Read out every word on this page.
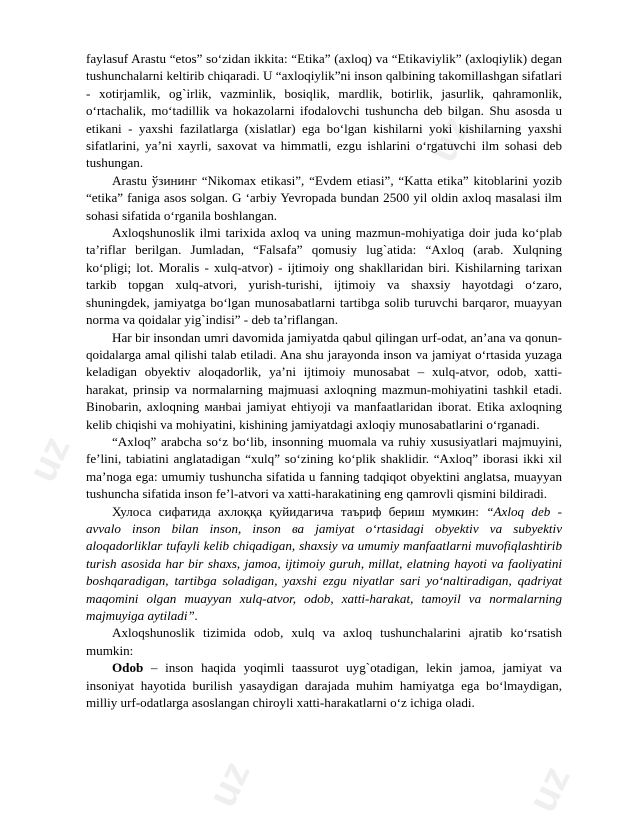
uz
uz
uz	uz

faylasuf Arastu “etos” so‘zidan ikkita: “Etika” (axloq) va “Etikaviylik” (axloqiylik) degan tushunchalarni keltirib chiqaradi. U “axloqiylik”ni inson qalbining takomillashgan sifatlari - xotirjamlik, og`irlik, vazminlik, bosiqlik, mardlik, botirlik, jasurlik, qahramonlik, o‘rtachalik, mo‘tadillik va hokazolarni ifodalovchi tushuncha deb bilgan. Shu asosda u etikani - yaxshi fazilatlarga (xislatlar) ega bo‘lgan kishilarni yoki kishilarning yaxshi sifatlarini, ya’ni xayrli, saxovat va himmatli, ezgu ishlarini o‘rgatuvchi ilm sohasi deb tushungan.

Arastu ўзининг “Nikomax etikasi”, “Evdem etiasi”, “Katta etika” kitoblarini yozib “etika” faniga asos solgan. G ‘arbiy Yevropada bundan 2500 yil oldin axloq masalasi ilm sohasi sifatida o‘rganila boshlangan.

Axloqshunoslik ilmi tarixida axloq va uning mazmun-mohiyatiga doir juda ko‘plab ta’riflar berilgan. Jumladan, “Falsafa” qomusiy lug`atida: “Axloq (arab. Xulqning ko‘pligi; lot. Moralis - xulq-atvor) - ijtimoiy ong shakllaridan biri. Kishilarning tarixan tarkib topgan xulq-atvori, yurish-turishi, ijtimoiy va shaxsiy hayotdagi o‘zaro, shuningdek, jamiyatga bo‘lgan munosabatlarni tartibga solib turuvchi barqaror, muayyan norma va qoidalar yig`indisi” - deb ta’riflangan.

Har bir insondan umri davomida jamiyatda qabul qilingan urf-odat, an’ana va qonun-qoidalarga amal qilishi talab etiladi. Ana shu jarayonda inson va jamiyat o‘rtasida yuzaga keladigan obyektiv aloqadorlik, ya’ni ijtimoiy munosabat – xulq-atvor, odob, xatti-harakat, prinsip va normalarning majmuasi axloqning mazmun-mohiyatini tashkil etadi. Binobarin, axloqning манbai jamiyat ehtiyoji va manfaatlaridan iborat. Etika axloqning kelib chiqishi va mohiyatini, kishining jamiyatdagi axloqiy munosabatlarini o‘rganadi.

“Axloq” arabcha so‘z bo‘lib, insonning muomala va ruhiy xususiyatlari majmuyini, fe’lini, tabiatini anglatadigan “xulq” so‘zining ko‘plik shaklidir. “Axloq” iborasi ikki xil ma’noga ega: umumiy tushuncha sifatida u fanning tadqiqot obyektini anglatsa, muayyan tushuncha sifatida inson fe’l-atvori va xatti-harakatining eng qamrovli qismini bildiradi.

Хулоса сифатида ахлоққа қуйидагича таъриф бериш мумкин: “Axloq deb - avvalo inson bilan inson, inson ва jamiyat o‘rtasidagi obyektiv va subyektiv aloqadorliklar tufayli kelib chiqadigan, shaxsiy va umumiy manfaatlarni muvofiqlashtirib turish asosida har bir shaxs, jamoa, ijtimoiy guruh, millat, elatning hayoti va faoliyatini boshqaradigan, tartibga soladigan, yaxshi ezgu niyatlar sari yo‘naltiradigan, qadriyat maqomini olgan muayyan xulq-atvor, odob, xatti-harakat, tamoyil va normalarning majmuyiga aytiladi”.

Axloqshunoslik tizimida odob, xulq va axloq tushunchalarini ajratib ko‘rsatish mumkin:

Odob – inson haqida yoqimli taassurot uyg`otadigan, lekin jamoa, jamiyat va insoniyat hayotida burilish yasaydigan darajada muhim hamiyatga ega bo‘lmaydigan, milliy urf-odatlarga asoslangan chiroyli xatti-harakatlarni o‘z ichiga oladi.
